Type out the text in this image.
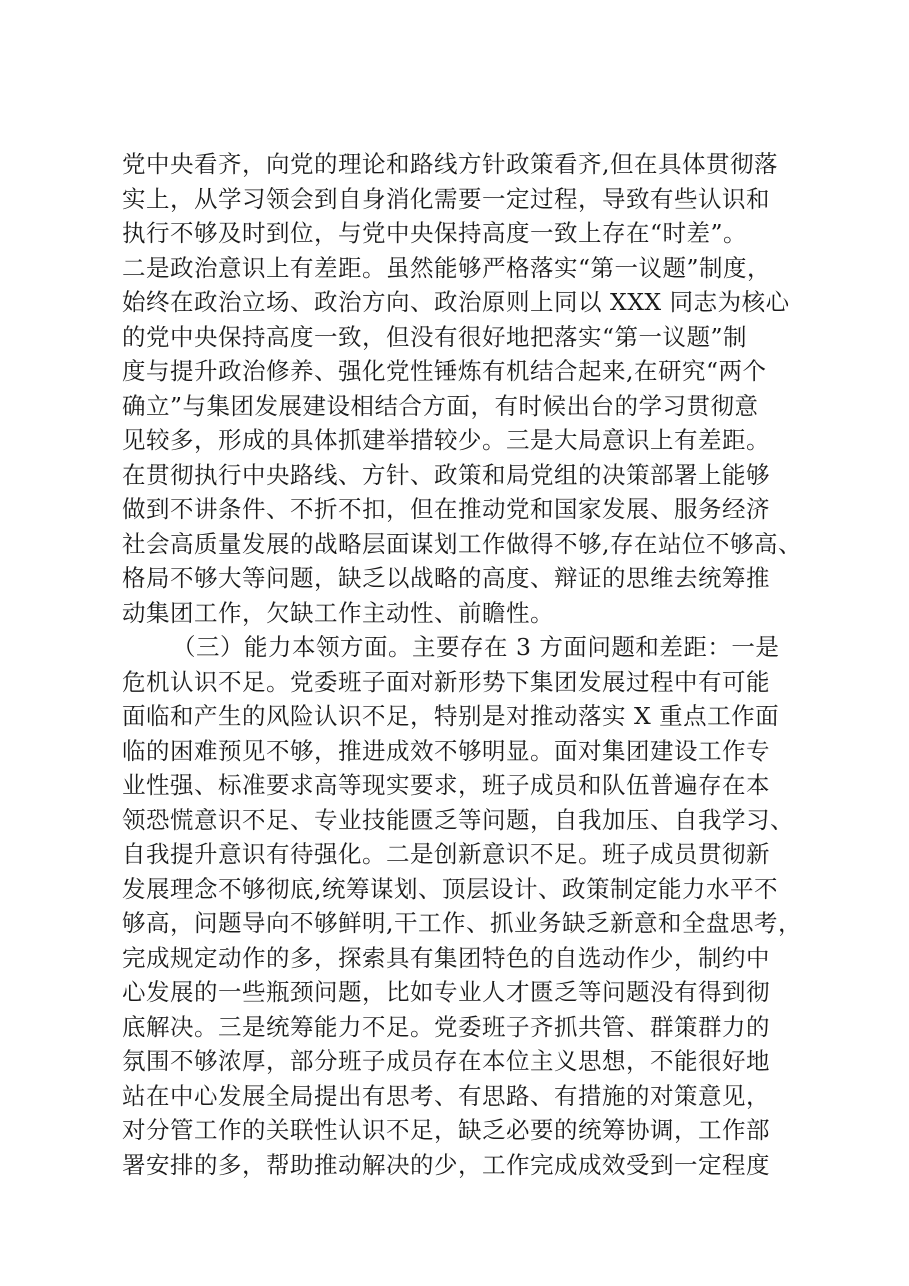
党中央看齐，向党的理论和路线方针政策看齐,但在具体贯彻落
实上，从学习领会到自身消化需要一定过程，导致有些认识和
执行不够及时到位，与党中央保持高度一致上存在“时差”。
二是政治意识上有差距。虽然能够严格落实“第一议题”制度，
始终在政治立场、政治方向、政治原则上同以 XXX 同志为核心
的党中央保持高度一致，但没有很好地把落实“第一议题”制
度与提升政治修养、强化党性锤炼有机结合起来,在研究“两个
确立”与集团发展建设相结合方面，有时候出台的学习贯彻意
见较多，形成的具体抓建举措较少。三是大局意识上有差距。
在贯彻执行中央路线、方针、政策和局党组的决策部署上能够
做到不讲条件、不折不扣，但在推动党和国家发展、服务经济
社会高质量发展的战略层面谋划工作做得不够,存在站位不够高、
格局不够大等问题，缺乏以战略的高度、辩证的思维去统筹推
动集团工作，欠缺工作主动性、前瞻性。
（三）能力本领方面。主要存在 3 方面问题和差距：一是
危机认识不足。党委班子面对新形势下集团发展过程中有可能
面临和产生的风险认识不足，特别是对推动落实 X 重点工作面
临的困难预见不够，推进成效不够明显。面对集团建设工作专
业性强、标准要求高等现实要求，班子成员和队伍普遍存在本
领恐慌意识不足、专业技能匮乏等问题，自我加压、自我学习、
自我提升意识有待强化。二是创新意识不足。班子成员贯彻新
发展理念不够彻底,统筹谋划、顶层设计、政策制定能力水平不
够高，问题导向不够鲜明,干工作、抓业务缺乏新意和全盘思考，
完成规定动作的多，探索具有集团特色的自选动作少，制约中
心发展的一些瓶颈问题，比如专业人才匮乏等问题没有得到彻
底解决。三是统筹能力不足。党委班子齐抓共管、群策群力的
氛围不够浓厚，部分班子成员存在本位主义思想，不能很好地
站在中心发展全局提出有思考、有思路、有措施的对策意见，
对分管工作的关联性认识不足，缺乏必要的统筹协调，工作部
署安排的多，帮助推动解决的少，工作完成成效受到一定程度
